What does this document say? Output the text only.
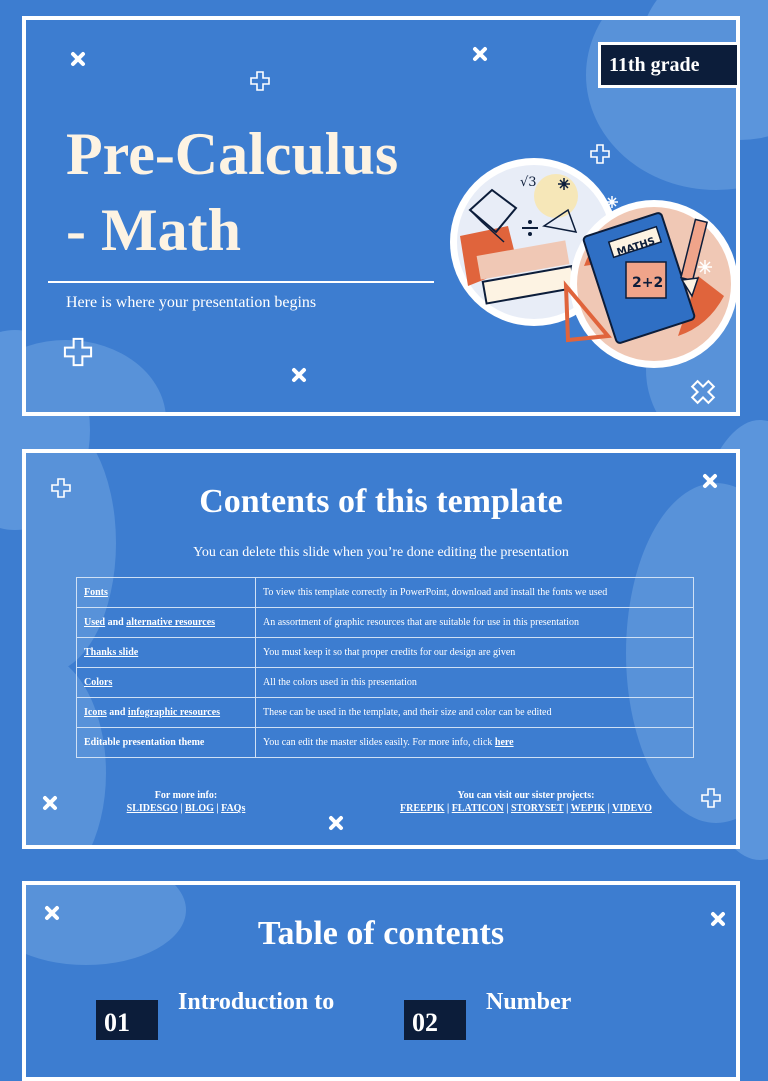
Pre-Calculus
- Math
Here is where your presentation begins
11th grade
√3
MATHS
2+2
Contents of this template
You can delete this slide when you’re done editing the presentation
Fonts	To view this template correctly in PowerPoint, download and install the fonts we used
Used and alternative resources	An assortment of graphic resources that are suitable for use in this presentation
Thanks slide	You must keep it so that proper credits for our design are given
Colors	All the colors used in this presentation
Icons and infographic resources	These can be used in the template, and their size and color can be edited
Editable presentation theme	You can edit the master slides easily. For more info, click here
For more info:
SLIDESGO | BLOG | FAQs
You can visit our sister projects:
FREEPIK | FLATICON | STORYSET | WEPIK | VIDEVO
Table of contents
01
Introduction to
02
Number
